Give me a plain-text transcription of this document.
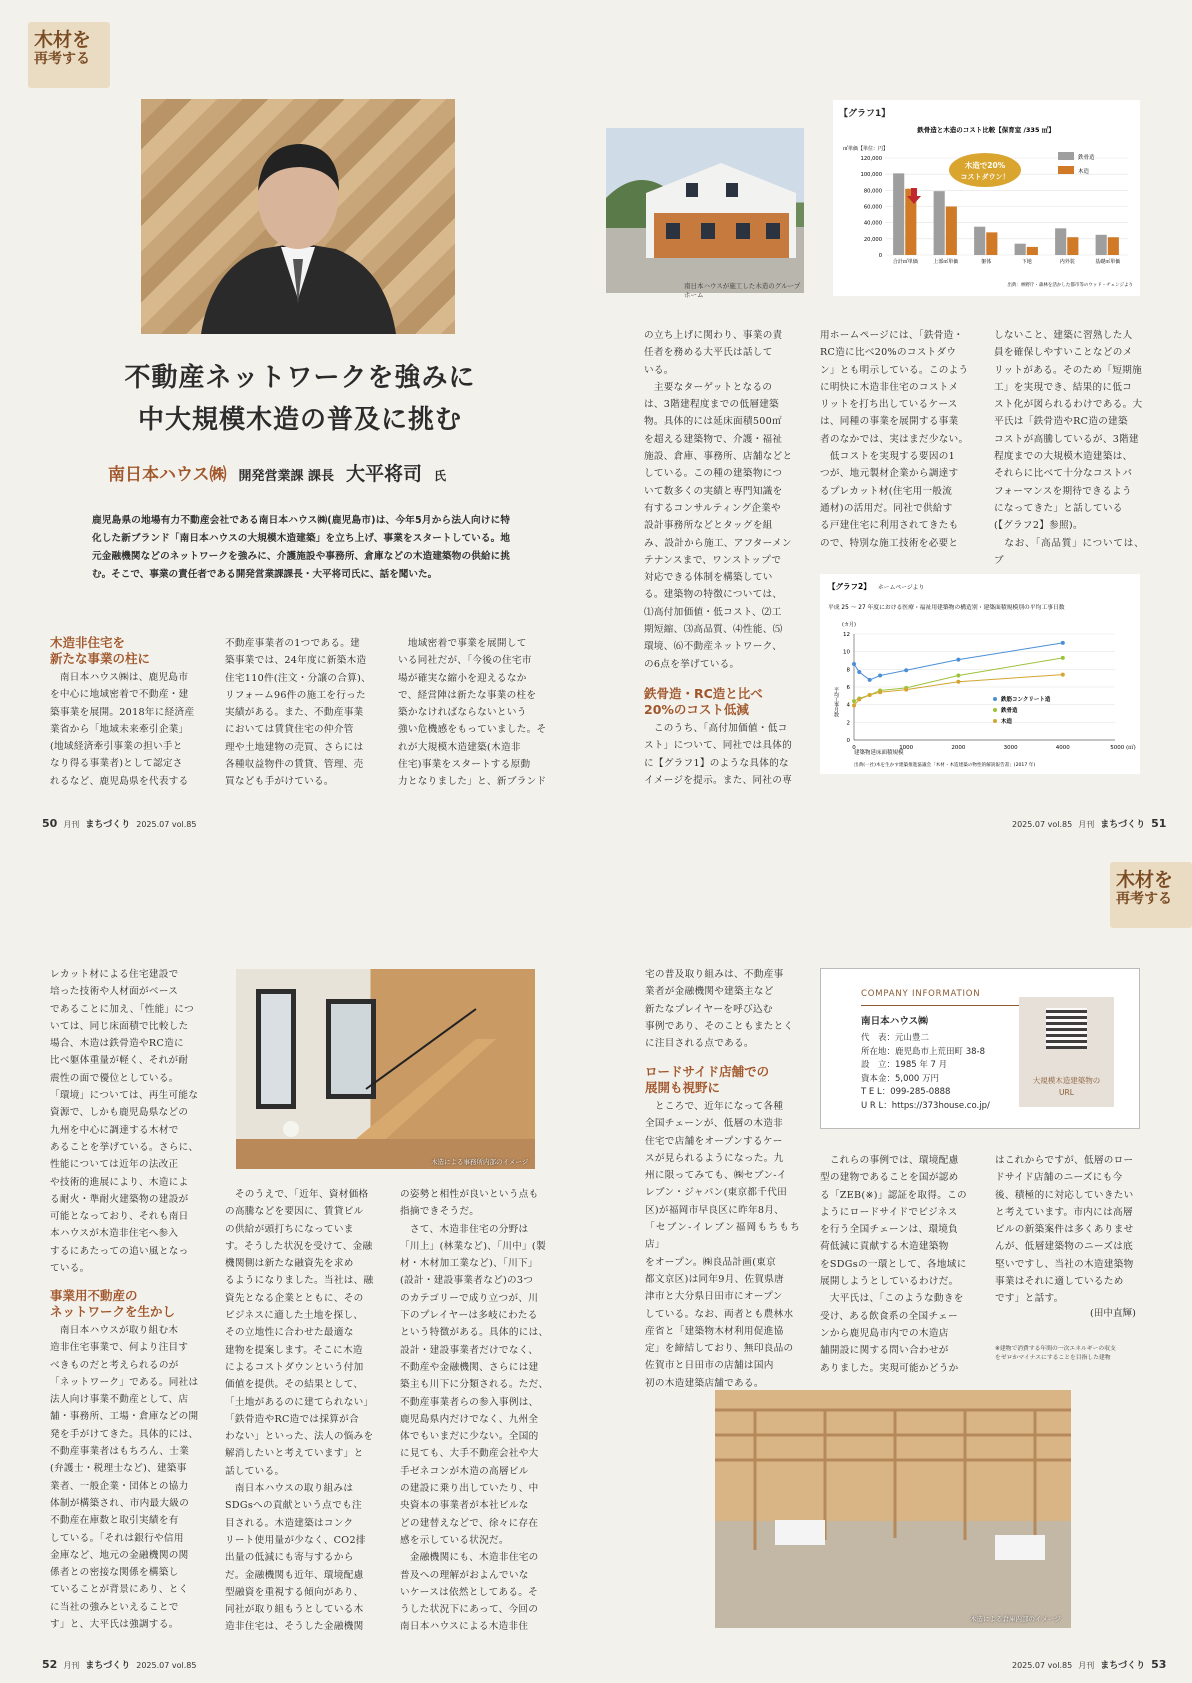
木材を
再考する
不動産ネットワークを強みに
中大規模木造の普及に挑む
南日本ハウス㈱ 開発営業課 課長 大平将司 氏
鹿児島県の地場有力不動産会社である南日本ハウス㈱(鹿児島市)は、今年5月から法人向けに特化した新ブランド「南日本ハウスの大規模木造建築」を立ち上げ、事業をスタートしている。地元金融機関などのネットワークを強みに、介護施設や事務所、倉庫などの木造建築物の供給に挑む。そこで、事業の責任者である開発営業課課長・大平将司氏に、話を聞いた。
木造非住宅を
新たな事業の柱に
　南日本ハウス㈱は、鹿児島市
を中心に地域密着で不動産・建
築事業を展開。2018年に経済産
業省から「地域未来牽引企業」
(地域経済牽引事業の担い手と
なり得る事業者)として認定さ
れるなど、鹿児島県を代表する
不動産事業者の1つである。建
築事業では、24年度に新築木造
住宅110件(注文・分譲の合算)、
リフォーム96件の施工を行った
実績がある。また、不動産事業
においては賃貸住宅の仲介管
理や土地建物の売買、さらには
各種収益物件の賃貸、管理、売
買なども手がけている。
　地域密着で事業を展開して
いる同社だが、「今後の住宅市
場が確実な縮小を迎えるなか
で、経営陣は新たな事業の柱を
築かなければならないという
強い危機感をもっていました。そ
れが大規模木造建築(木造非
住宅)事業をスタートする原動
力となりました」と、新ブランド
50 月刊 まちづくり 2025.07 vol.85
南日本ハウスが施工した木造のグループホーム
【グラフ1】
鉄骨造と木造のコスト比較【保育室 /335 ㎡】
㎡単価【単位：円】
0
20,000
40,000
60,000
80,000
100,000
120,000
合計㎡単価	上部㎡単価	躯体	下地	内外装	基礎㎡単価
鉄骨造
木造
木造で20%
コストダウン！
出典：林野庁・森林を活かした都市等のウッド・チェンジより
の立ち上げに関わり、事業の責
任者を務める大平氏は話して
いる。
　主要なターゲットとなるの
は、3階建程度までの低層建築
物。具体的には延床面積500㎡
を超える建築物で、介護・福祉
施設、倉庫、事務所、店舗などと
している。この種の建築物につ
いて数多くの実績と専門知識を
有するコンサルティング企業や
設計事務所などとタッグを組
み、設計から施工、アフターメン
テナンスまで、ワンストップで
対応できる体制を構築してい
る。建築物の特徴については、
⑴高付加価値・低コスト、⑵工
期短縮、⑶高品質、⑷性能、⑸
環境、⑹不動産ネットワーク、
の6点を挙げている。
鉄骨造・RC造と比べ
20%のコスト低減
　このうち、「高付加価値・低コ
スト」について、同社では具体的
に【グラフ1】のような具体的な
イメージを提示。また、同社の専
用ホームページには、「鉄骨造・
RC造に比べ20%のコストダウ
ン」とも明示している。このよう
に明快に木造非住宅のコストメ
リットを打ち出しているケース
は、同種の事業を展開する事業
者のなかでは、実はまだ少ない。
　低コストを実現する要因の1
つが、地元製材企業から調達す
るプレカット材(住宅用一般流
通材)の活用だ。同社で供給す
る戸建住宅に利用されてきたも
ので、特別な施工技術を必要と
しないこと、建築に習熟した人
員を確保しやすいことなどのメ
リットがある。そのため「短期施
工」を実現でき、結果的に低コ
スト化が図られるわけである。大
平氏は「鉄骨造やRC造の建築
コストが高騰しているが、3階建
程度までの大規模木造建築は、
それらに比べて十分なコストパ
フォーマンスを期待できるよう
になってきた」と話している
(【グラフ2】参照)。
　なお、「高品質」については、ブ
【グラフ2】 ホームページより
平成 25 ～ 27 年度における医療・福祉用建築物の構造別・建築面積規模別の平均工事日数
(カ月)
平均工事月数
0
2
4
6
8
10
12
0	1000	2000	3000	4000	5000 (㎡)
鉄筋コンクリート造
鉄骨造
木造
建築物延床面積規模
出典(一社)木を生かす建築推進協議会「木材・木造建築の物性的解説報告書」(2017 年)
2025.07 vol.85 月刊 まちづくり 51
木材を
再考する
レカット材による住宅建設で
培った技術や人材面がベース
であることに加え、「性能」につ
いては、同じ床面積で比較した
場合、木造は鉄骨造やRC造に
比べ躯体重量が軽く、それが耐
震性の面で優位としている。
「環境」については、再生可能な
資源で、しかも鹿児島県などの
九州を中心に調達する木材で
あることを挙げている。さらに、
性能については近年の法改正
や技術的進展により、木造によ
る耐火・準耐火建築物の建設が
可能となっており、それも南日
本ハウスが木造非住宅へ参入
するにあたっての追い風となっ
ている。
事業用不動産の
ネットワークを生かし
　南日本ハウスが取り組む木
造非住宅事業で、何より注目す
べきものだと考えられるのが
「ネットワーク」である。同社は
法人向け事業不動産として、店
舗・事務所、工場・倉庫などの開
発を手がけてきた。具体的には、
不動産事業者はもちろん、士業
(弁護士・税理士など)、建築事
業者、一般企業・団体との協力
体制が構築され、市内最大級の
不動産在庫数と取引実績を有
している。「それは銀行や信用
金庫など、地元の金融機関の関
係者との密接な関係を構築し
ていることが背景にあり、とく
に当社の強みといえることで
す」と、大平氏は強調する。
木造による事務所内部のイメージ
　そのうえで、「近年、資材価格
の高騰などを要因に、賃貸ビル
の供給が頭打ちになっていま
す。そうした状況を受けて、金融
機関側は新たな融資先を求め
るようになりました。当社は、融
資先となる企業とともに、その
ビジネスに適した土地を探し、
その立地性に合わせた最適な
建物を提案します。そこに木造
によるコストダウンという付加
価値を提供。その結果として、
「土地があるのに建てられない」
「鉄骨造やRC造では採算が合
わない」といった、法人の悩みを
解消したいと考えています」と
話している。
　南日本ハウスの取り組みは
SDGsへの貢献という点でも注
目される。木造建築はコンク
リート使用量が少なく、CO2排
出量の低減にも寄与するから
だ。金融機関も近年、環境配慮
型融資を重視する傾向があり、
同社が取り組もうとしている木
造非住宅は、そうした金融機関
の姿勢と相性が良いという点も
指摘できそうだ。
　さて、木造非住宅の分野は
「川上」(林業など)、「川中」(製
材・木材加工業など)、「川下」
(設計・建設事業者など)の3つ
のカテゴリーで成り立つが、川
下のプレイヤーは多岐にわたる
という特徴がある。具体的には、
設計・建設事業者だけでなく、
不動産や金融機関、さらには建
築主も川下に分類される。ただ、
不動産事業者らの参入事例は、
鹿児島県内だけでなく、九州全
体でもいまだに少ない。全国的
に見ても、大手不動産会社や大
手ゼネコンが木造の高層ビル
の建設に乗り出していたり、中
央資本の事業者が本社ビルな
どの建替えなどで、徐々に存在
感を示している状況だ。
　金融機関にも、木造非住宅の
普及への理解がおよんでいな
いケースは依然としてある。そ
うした状況下にあって、今回の
南日本ハウスによる木造非住
52 月刊 まちづくり 2025.07 vol.85
宅の普及取り組みは、不動産事
業者が金融機関や建築主など
新たなプレイヤーを呼び込む
事例であり、そのこともまたとく
に注目される点である。
ロードサイド店舗での
展開も視野に
　ところで、近年になって各種
全国チェーンが、低層の木造非
住宅で店舗をオープンするケー
スが見られるようになった。九
州に限ってみても、㈱セブン-イ
レブン・ジャパン(東京都千代田
区)が福岡市早良区に昨年8月、
「セブン-イレブン福岡もちもち店」
をオープン。㈱良品計画(東京
都文京区)は同年9月、佐賀県唐
津市と大分県日田市にオープン
している。なお、両者とも農林水
産省と「建築物木材利用促進協
定」を締結しており、無印良品の
佐賀市と日田市の店舗は国内
初の木造建築店舗である。
COMPANY INFORMATION
南日本ハウス㈱
代　表：元山豊二
所在地：鹿児島市上荒田町 38-8
設　立：1985 年 7 月
資本金：5,000 万円
T E L：099-285-0888
U R L：https://373house.co.jp/
大規模木造建築物の
URL
　これらの事例では、環境配慮
型の建物であることを国が認め
る「ZEB(※)」認証を取得。この
ようにロードサイドでビジネス
を行う全国チェーンは、環境負
荷低減に貢献する木造建築物
をSDGsの一環として、各地域に
展開しようとしているわけだ。
　大平氏は、「このような動きを
受け、ある飲食系の全国チェー
ンから鹿児島市内での木造店
舗開設に関する問い合わせが
ありました。実現可能かどうか
はこれからですが、低層のロー
ドサイド店舗のニーズにも今
後、積極的に対応していきたい
と考えています。市内には高層
ビルの新築案件は多くありませ
んが、低層建築物のニーズは底
堅いですし、当社の木造建築物
事業はそれに適しているため
です」と話す。
(田中直輝)
※建物で消費する年間の一次エネルギーの収支
をゼロかマイナスにすることを目指した建物
木造による倉庫内部のイメージ
2025.07 vol.85 月刊 まちづくり 53
